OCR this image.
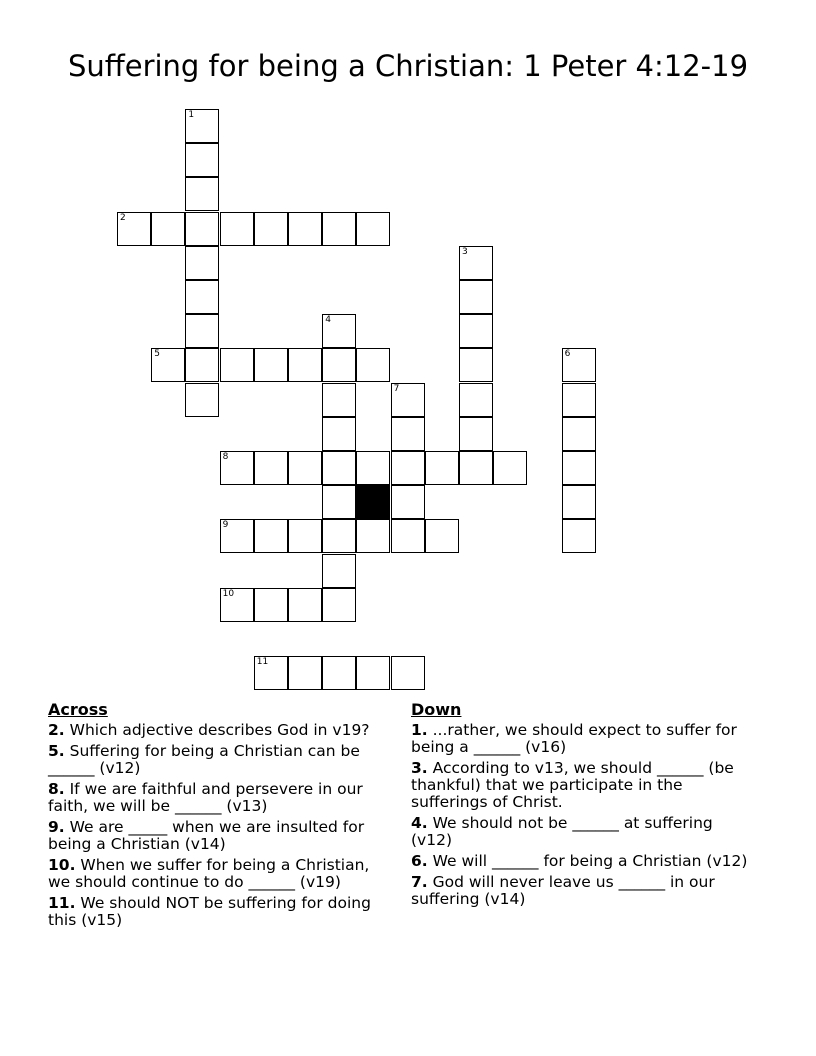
Suffering for being a Christian: 1 Peter 4:12-19
1
2
3
4
5	6
7
8
9
10
11
Across
2. Which adjective describes God in v19?
5. Suffering for being a Christian can be ______ (v12)
8. If we are faithful and persevere in our faith, we will be ______ (v13)
9. We are _____ when we are insulted for being a Christian (v14)
10. When we suffer for being a Christian, we should continue to do ______ (v19)
11. We should NOT be suffering for doing this (v15)
Down
1. ...rather, we should expect to suffer for being a ______ (v16)
3. According to v13, we should ______ (be thankful) that we participate in the sufferings of Christ.
4. We should not be ______ at suffering (v12)
6. We will ______ for being a Christian (v12)
7. God will never leave us ______ in our suffering (v14)
